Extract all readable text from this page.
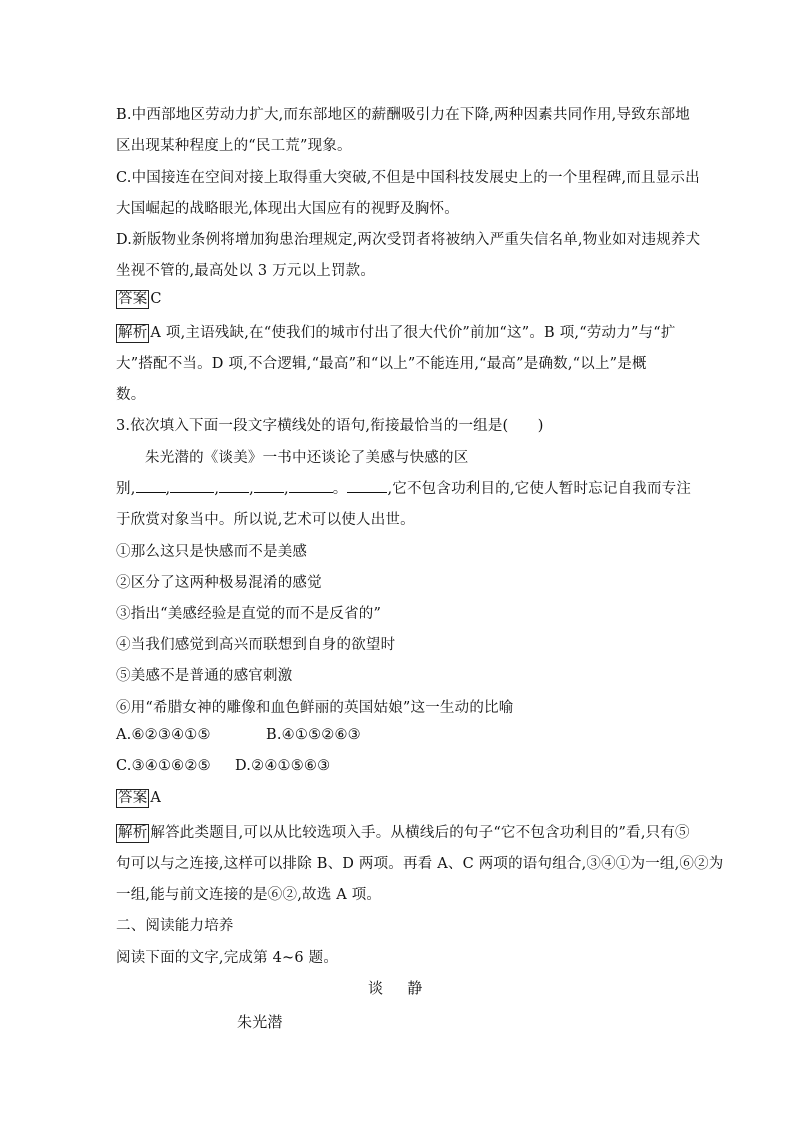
B.中西部地区劳动力扩大,而东部地区的薪酬吸引力在下降,两种因素共同作用,导致东部地
区出现某种程度上的“民工荒”现象。
C.中国接连在空间对接上取得重大突破,不但是中国科技发展史上的一个里程碑,而且显示出
大国崛起的战略眼光,体现出大国应有的视野及胸怀。
D.新版物业条例将增加狗患治理规定,两次受罚者将被纳入严重失信名单,物业如对违规养犬
坐视不管的,最高处以 3 万元以上罚款。
答案 C
解析 A 项,主语残缺,在“使我们的城市付出了很大代价”前加“这”。B 项,“劳动力”与“扩
大”搭配不当。D 项,不合逻辑,“最高”和“以上”不能连用,“最高”是确数,“以上”是概
数。
3.依次填入下面一段文字横线处的语句,衔接最恰当的一组是(　　)
朱光潜的《谈美》一书中还谈论了美感与快感的区
别, ,	, , ,	。	,它不包含功利目的,它使人暂时忘记自我而专注
于欣赏对象当中。所以说,艺术可以使人出世。
①那么这只是快感而不是美感
②区分了这两种极易混淆的感觉
③指出“美感经验是直觉的而不是反省的”
④当我们感觉到高兴而联想到自身的欲望时
⑤美感不是普通的感官刺激
⑥用“希腊女神的雕像和血色鲜丽的英国姑娘”这一生动的比喻
A.⑥②③④①⑤	B.④①⑤②⑥③
C.③④①⑥②⑤ D.②④①⑤⑥③
答案 A
解析 解答此类题目,可以从比较选项入手。从横线后的句子“它不包含功利目的”看,只有⑤
句可以与之连接,这样可以排除 B、D 两项。再看 A、C 两项的语句组合,③④①为一组,⑥②为
一组,能与前文连接的是⑥②,故选 A 项。
二、阅读能力培养
阅读下面的文字,完成第 4~6 题。
谈 静
朱光潜
